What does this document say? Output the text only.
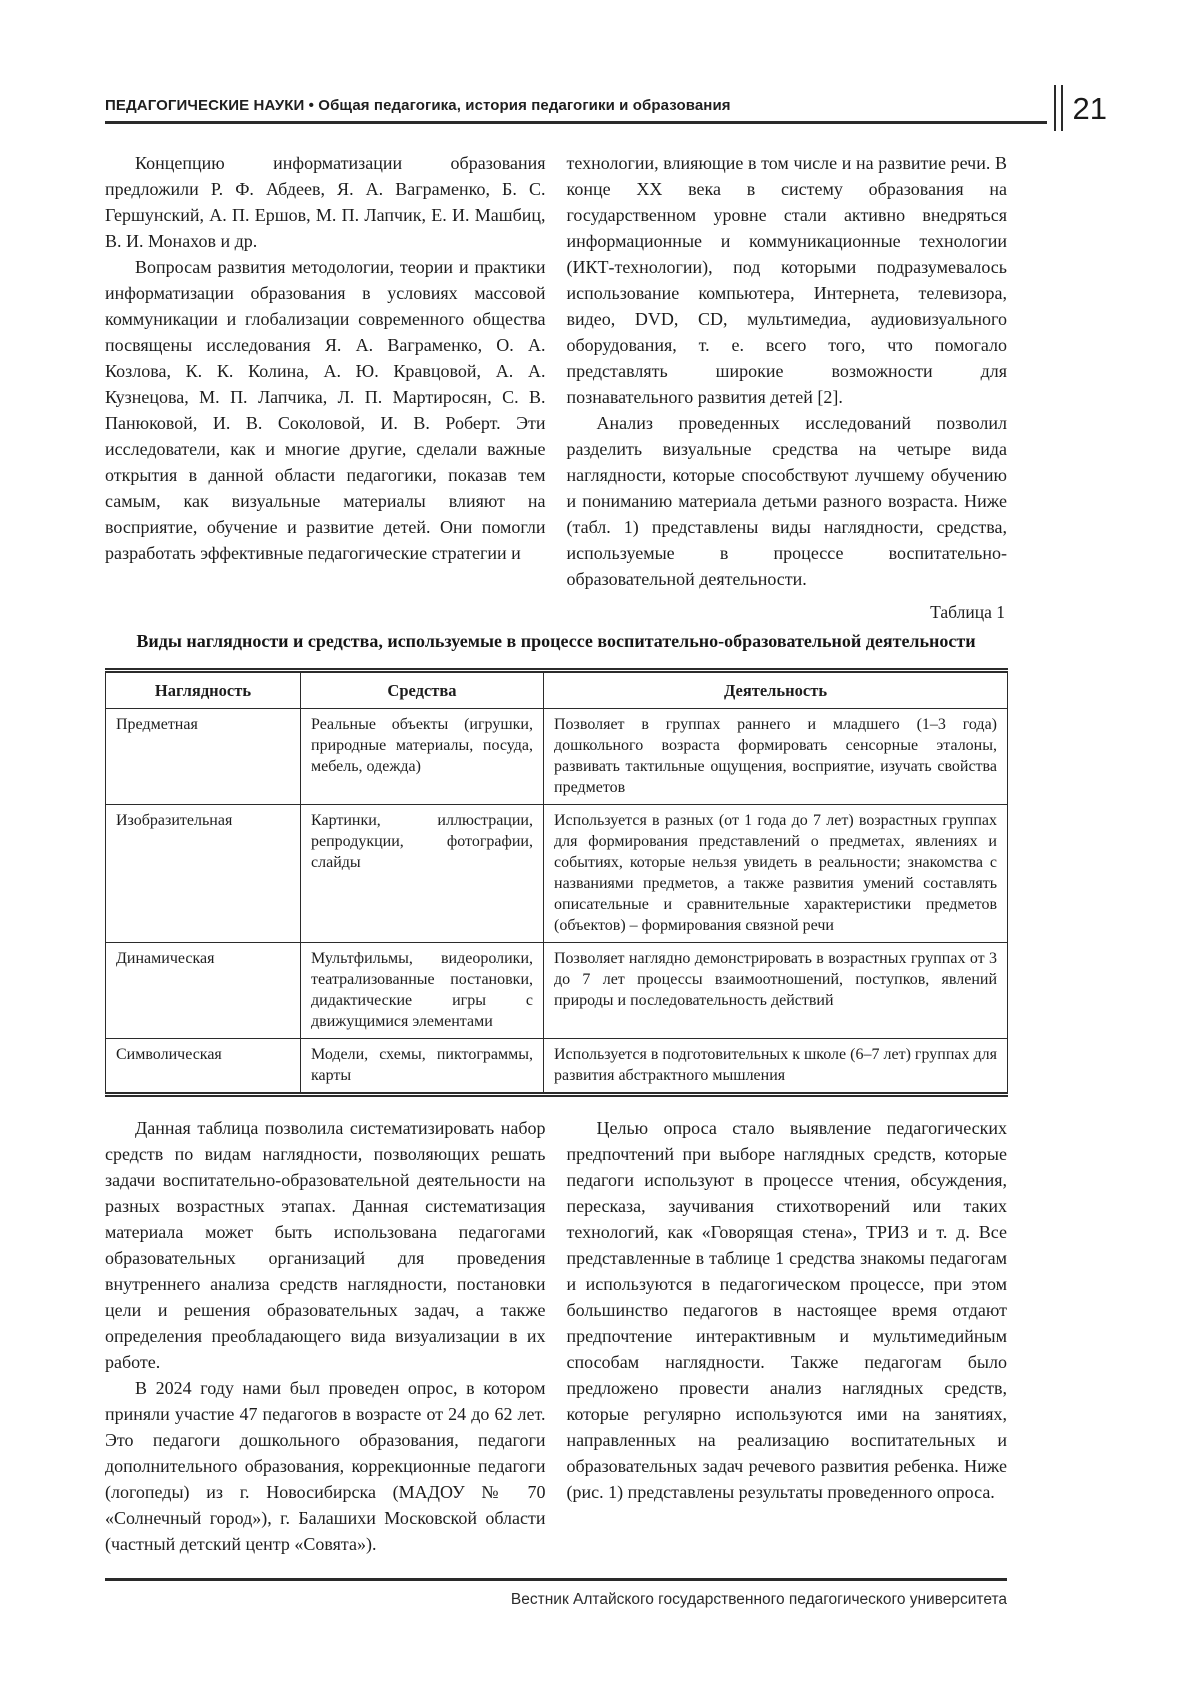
ПЕДАГОГИЧЕСКИЕ НАУКИ • Общая педагогика, история педагогики и образования	21

Концепцию информатизации образования предложили Р. Ф. Абдеев, Я. А. Ваграменко, Б. С. Гершунский, А. П. Ершов, М. П. Лапчик, Е. И. Машбиц, В. И. Монахов и др.

Вопросам развития методологии, теории и практики информатизации образования в условиях массовой коммуникации и глобализации современного общества посвящены исследования Я. А. Ваграменко, О. А. Козлова, К. К. Колина, А. Ю. Кравцовой, А. А. Кузнецова, М. П. Лапчика, Л. П. Мартиросян, С. В. Панюковой, И. В. Соколовой, И. В. Роберт. Эти исследователи, как и многие другие, сделали важные открытия в данной области педагогики, показав тем самым, как визуальные материалы влияют на восприятие, обучение и развитие детей. Они помогли разработать эффективные педагогические стратегии и

технологии, влияющие в том числе и на развитие речи. В конце XX века в систему образования на государственном уровне стали активно внедряться информационные и коммуникационные технологии (ИКТ-технологии), под которыми подразумевалось использование компьютера, Интернета, телевизора, видео, DVD, CD, мультимедиа, аудиовизуального оборудования, т. е. всего того, что помогало представлять широкие возможности для познавательного развития детей [2].

Анализ проведенных исследований позволил разделить визуальные средства на четыре вида наглядности, которые способствуют лучшему обучению и пониманию материала детьми разного возраста. Ниже (табл. 1) представлены виды наглядности, средства, используемые в процессе воспитательно-образовательной деятельности.

Таблица 1

Виды наглядности и средства, используемые в процессе воспитательно-образовательной деятельности

Наглядность	Средства	Деятельность
Предметная	Реальные объекты (игрушки, природные материалы, посуда, мебель, одежда)	Позволяет в группах раннего и младшего (1–3 года) дошкольного возраста формировать сенсорные эталоны, развивать тактильные ощущения, восприятие, изучать свойства предметов
Изобразительная	Картинки, иллюстрации, репродукции, фотографии, слайды	Используется в разных (от 1 года до 7 лет) возрастных группах для формирования представлений о предметах, явлениях и событиях, которые нельзя увидеть в реальности; знакомства с названиями предметов, а также развития умений составлять описательные и сравнительные характеристики предметов (объектов) – формирования связной речи
Динамическая	Мультфильмы, видеоролики, театрализованные постановки, дидактические игры с движущимися элементами	Позволяет наглядно демонстрировать в возрастных группах от 3 до 7 лет процессы взаимоотношений, поступков, явлений природы и последовательность действий
Символическая	Модели, схемы, пиктограммы, карты	Используется в подготовительных к школе (6–7 лет) группах для развития абстрактного мышления

Данная таблица позволила систематизировать набор средств по видам наглядности, позволяющих решать задачи воспитательно-образовательной деятельности на разных возрастных этапах. Данная систематизация материала может быть использована педагогами образовательных организаций для проведения внутреннего анализа средств наглядности, постановки цели и решения образовательных задач, а также определения преобладающего вида визуализации в их работе.

В 2024 году нами был проведен опрос, в котором приняли участие 47 педагогов в возрасте от 24 до 62 лет. Это педагоги дошкольного образования, педагоги дополнительного образования, коррекционные педагоги (логопеды) из г. Новосибирска (МАДОУ № 70 «Солнечный город»), г. Балашихи Московской области (частный детский центр «Совята»).

Целью опроса стало выявление педагогических предпочтений при выборе наглядных средств, которые педагоги используют в процессе чтения, обсуждения, пересказа, заучивания стихотворений или таких технологий, как «Говорящая стена», ТРИЗ и т. д. Все представленные в таблице 1 средства знакомы педагогам и используются в педагогическом процессе, при этом большинство педагогов в настоящее время отдают предпочтение интерактивным и мультимедийным способам наглядности. Также педагогам было предложено провести анализ наглядных средств, которые регулярно используются ими на занятиях, направленных на реализацию воспитательных и образовательных задач речевого развития ребенка. Ниже (рис. 1) представлены результаты проведенного опроса.

Вестник Алтайского государственного педагогического университета
